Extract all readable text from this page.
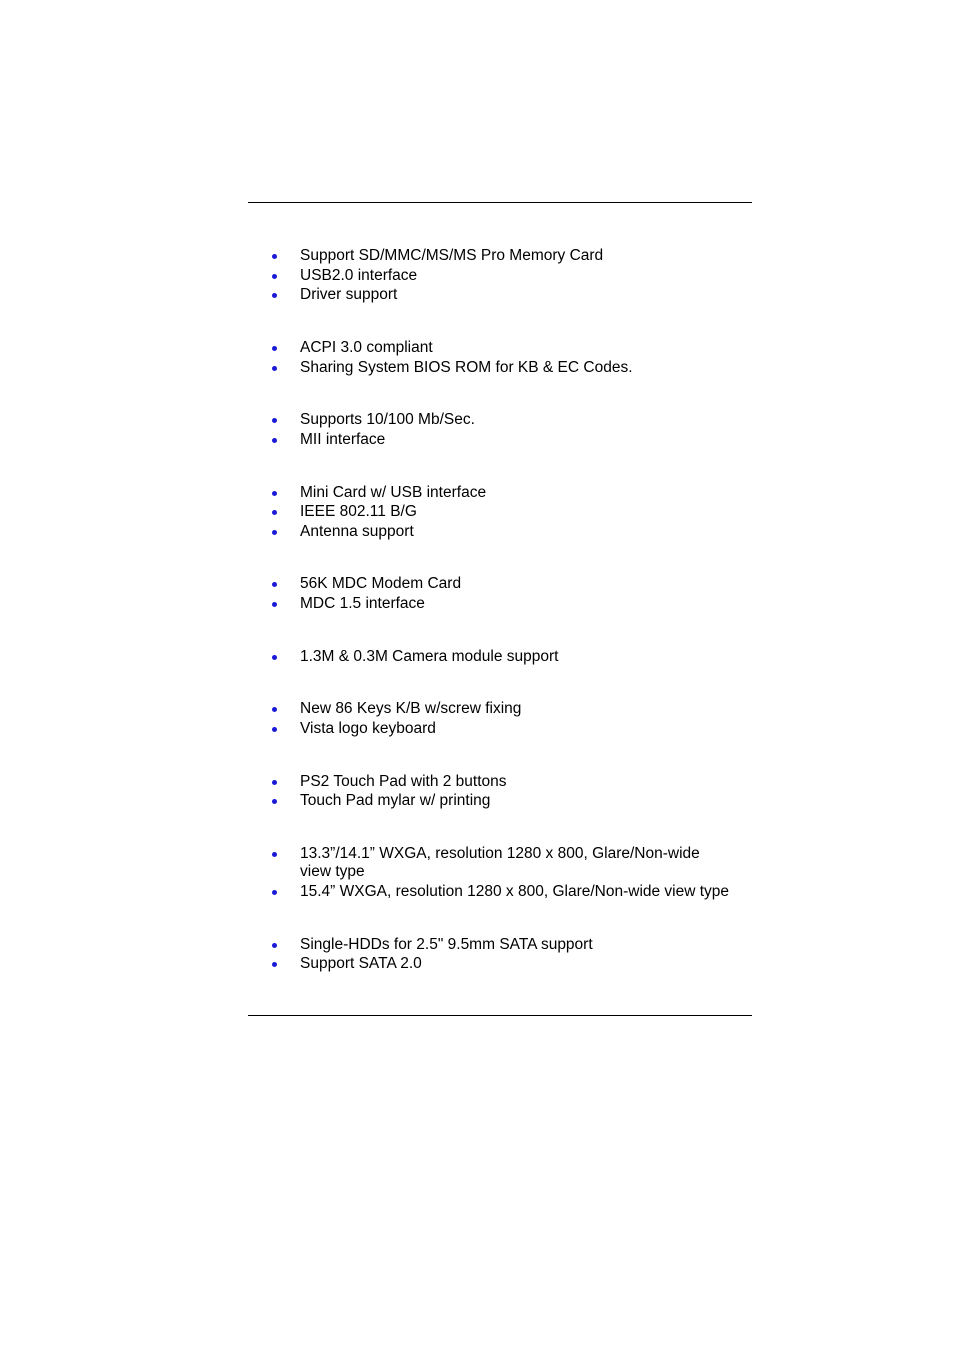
Support SD/MMC/MS/MS Pro Memory Card
USB2.0 interface
Driver support
ACPI 3.0 compliant
Sharing System BIOS ROM for KB & EC Codes.
Supports 10/100 Mb/Sec.
MII interface
Mini Card w/ USB interface
IEEE 802.11 B/G
Antenna support
56K MDC Modem Card
MDC 1.5 interface
1.3M & 0.3M Camera module support
New 86 Keys K/B w/screw fixing
Vista logo keyboard
PS2 Touch Pad with 2 buttons
Touch Pad mylar w/ printing
13.3”/14.1” WXGA, resolution 1280 x 800, Glare/Non-wide
view type
15.4” WXGA, resolution 1280 x 800, Glare/Non-wide view type
Single-HDDs for 2.5" 9.5mm SATA support
Support SATA 2.0
